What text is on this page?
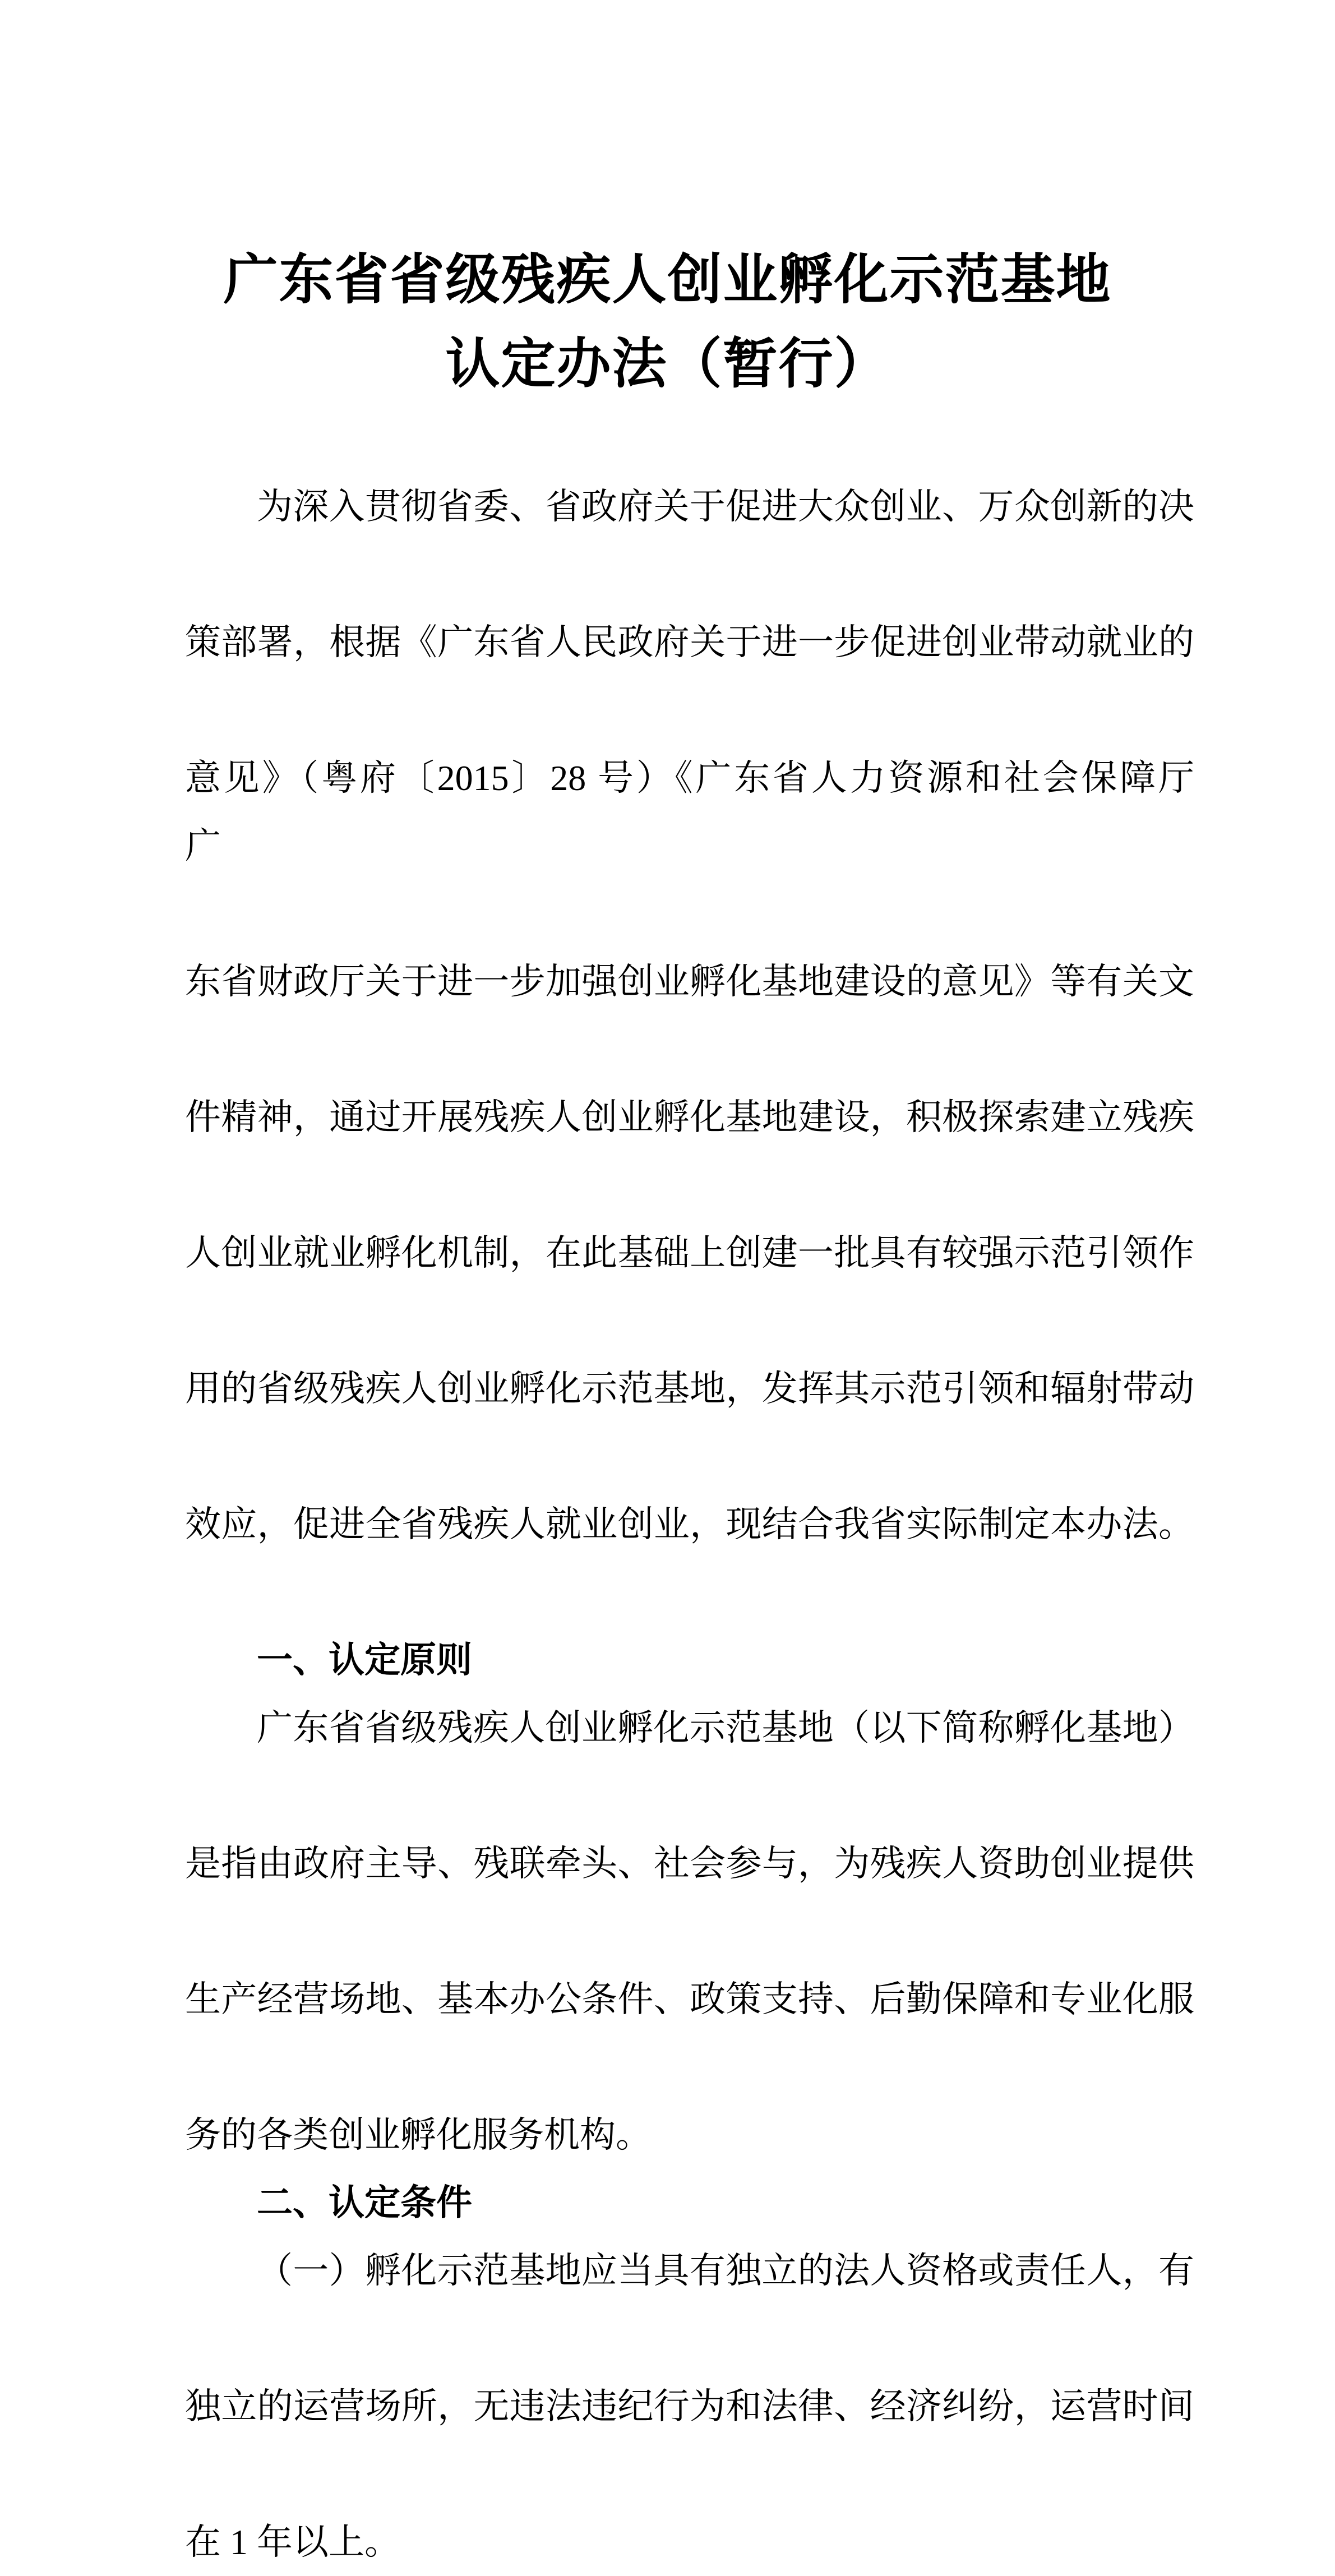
广东省省级残疾人创业孵化示范基地
认定办法（暂行）
为深入贯彻省委、省政府关于促进大众创业、万众创新的决
策部署，根据《广东省人民政府关于进一步促进创业带动就业的
意见》（粤府〔2015〕28 号）《广东省人力资源和社会保障厅　广
东省财政厅关于进一步加强创业孵化基地建设的意见》等有关文
件精神，通过开展残疾人创业孵化基地建设，积极探索建立残疾
人创业就业孵化机制，在此基础上创建一批具有较强示范引领作
用的省级残疾人创业孵化示范基地，发挥其示范引领和辐射带动
效应，促进全省残疾人就业创业，现结合我省实际制定本办法。
一、认定原则
广东省省级残疾人创业孵化示范基地（以下简称孵化基地）
是指由政府主导、残联牵头、社会参与，为残疾人资助创业提供
生产经营场地、基本办公条件、政策支持、后勤保障和专业化服
务的各类创业孵化服务机构。
二、认定条件
（一）孵化示范基地应当具有独立的法人资格或责任人，有
独立的运营场所，无违法违纪行为和法律、经济纠纷，运营时间
在 1 年以上。
